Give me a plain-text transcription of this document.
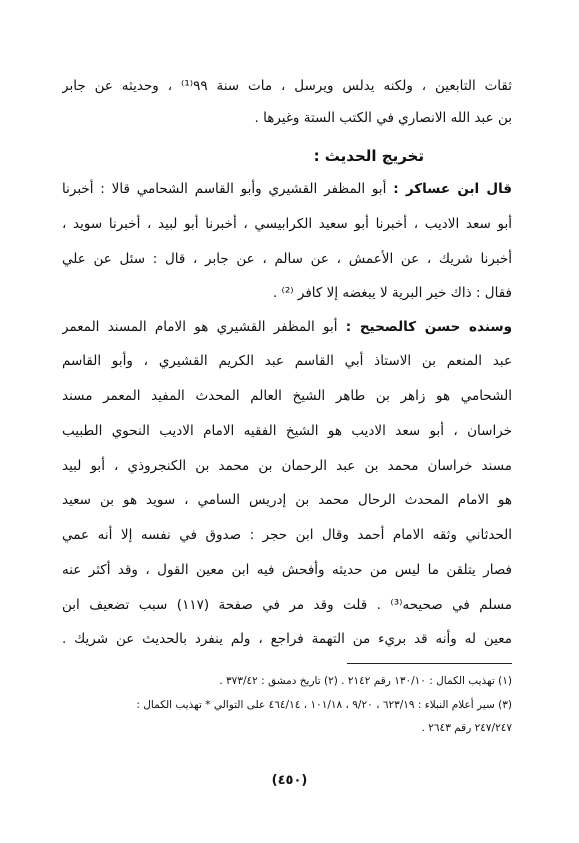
ثقات التابعين ، ولكنه يدلس ويرسل ، مات سنة ٩٩⁽¹⁾ ، وحديثه عن جابر
بن عبد الله الانصاري في الكتب الستة وغيرها .
تخريج الحديث :
قال ابن عساكر : أبو المظفر القشيري وأبو القاسم الشحامي قالا : أخبرنا
أبو سعد الاديب ، أخبرنا أبو سعيد الكرابيسي ، أخبرنا أبو لبيد ، أخبرنا سويد ،
أخبرنا شريك ، عن الأعمش ، عن سالم ، عن جابر ، قال : سئل عن علي
فقال : ذاك خير البرية لا يبغضه إلا كافر ⁽²⁾ .
وسنده حسن كالصحيح : أبو المظفر القشيري هو الامام المسند المعمر
عبد المنعم بن الاستاذ أبي القاسم عبد الكريم القشيري ، وأبو القاسم
الشحامي هو زاهر بن طاهر الشيخ العالم المحدث المفيد المعمر مسند
خراسان ، أبو سعد الاديب هو الشيخ الفقيه الامام الاديب النحوي الطبيب
مسند خراسان محمد بن عبد الرحمان بن محمد بن الكنجروذي ، أبو لبيد
هو الامام المحدث الرحال محمد بن إدريس السامي ، سويد هو بن سعيد
الحدثاني وثقه الامام أحمد وقال ابن حجر : صدوق في نفسه إلا أنه عمي
فصار يتلقن ما ليس من حديثه وأفحش فيه ابن معين القول ، وقد أكثر عنه
مسلم في صحيحه⁽³⁾ . قلت وقد مر في صفحة (١١٧) سبب تضعيف ابن
معين له وأنه قد بريء من التهمة فراجع ، ولم ينفرد بالحديث عن شريك .
(١) تهذيب الكمال : ١٣٠/١٠ رقم ٢١٤٢ . (٢) تاريخ دمشق : ٣٧٣/٤٢ .
(٣) سير أعلام النبلاء : ٦٢٣/١٩ ، ٩/٢٠ ، ١٠١/١٨ ، ٤٦٤/١٤ على التوالي * تهذيب الكمال :
٢٤٧/٢٤٧ رقم ٢٦٤٣ .
(٤٥٠)
